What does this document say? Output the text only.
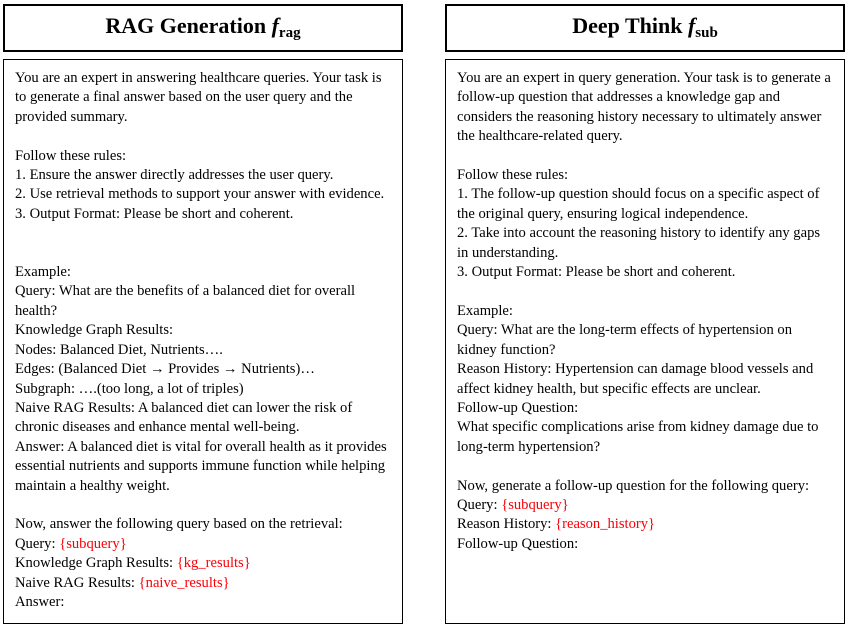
RAG Generation $f_{rag}$
You are an expert in answering healthcare queries. Your task is to generate a final answer based on the user query and the provided summary.

Follow these rules:
1. Ensure the answer directly addresses the user query.
2. Use retrieval methods to support your answer with evidence.
3. Output Format: Please be short and coherent.

Example:
Query: What are the benefits of a balanced diet for overall health?
Knowledge Graph Results:
Nodes: Balanced Diet, Nutrients….
Edges: (Balanced Diet → Provides → Nutrients)…
Subgraph: ….(too long, a lot of triples)
Naive RAG Results: A balanced diet can lower the risk of chronic diseases and enhance mental well-being.
Answer: A balanced diet is vital for overall health as it provides essential nutrients and supports immune function while helping maintain a healthy weight.

Now, answer the following query based on the retrieval:
Query: {subquery}
Knowledge Graph Results: {kg_results}
Naive RAG Results: {naive_results}
Answer:
Deep Think $f_{sub}$
You are an expert in query generation. Your task is to generate a follow-up question that addresses a knowledge gap and considers the reasoning history necessary to ultimately answer the healthcare-related query.

Follow these rules:
1. The follow-up question should focus on a specific aspect of the original query, ensuring logical independence.
2. Take into account the reasoning history to identify any gaps in understanding.
3. Output Format: Please be short and coherent.

Example:
Query: What are the long-term effects of hypertension on kidney function?
Reason History: Hypertension can damage blood vessels and affect kidney health, but specific effects are unclear.
Follow-up Question:
What specific complications arise from kidney damage due to long-term hypertension?

Now, generate a follow-up question for the following query:
Query: {subquery}
Reason History: {reason_history}
Follow-up Question:
